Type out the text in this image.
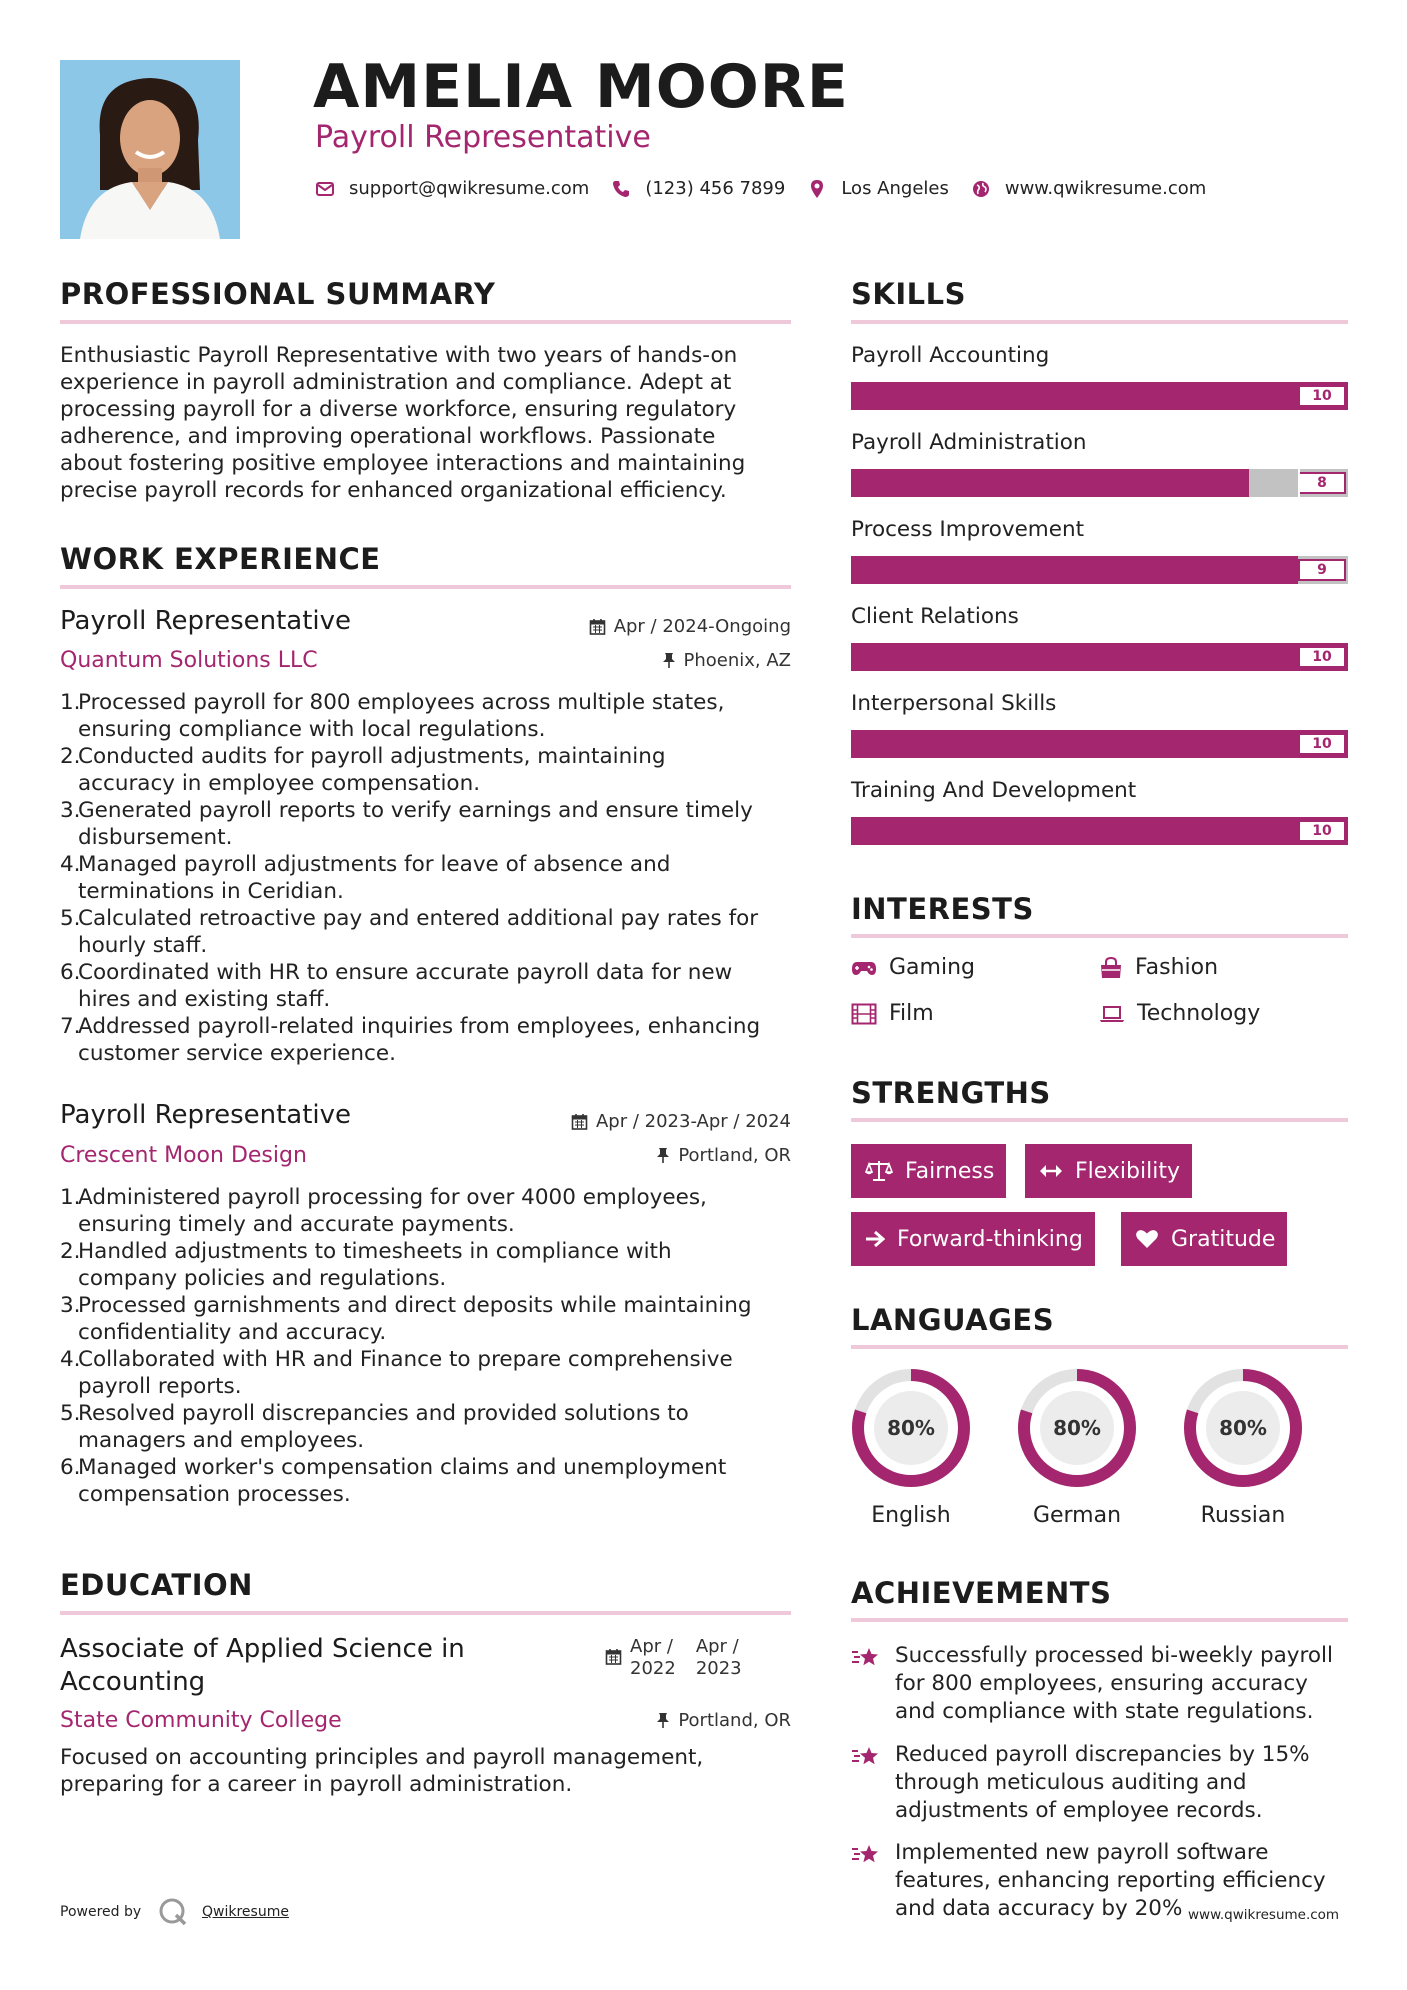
AMELIA MOORE
Payroll Representative
support@qwikresume.com	(123) 456 7899	Los Angeles	www.qwikresume.com
PROFESSIONAL SUMMARY
Enthusiastic Payroll Representative with two years of hands-on
experience in payroll administration and compliance. Adept at
processing payroll for a diverse workforce, ensuring regulatory
adherence, and improving operational workflows. Passionate
about fostering positive employee interactions and maintaining
precise payroll records for enhanced organizational efficiency.
WORK EXPERIENCE
Payroll Representative	Apr / 2024-Ongoing
Quantum Solutions LLC	Phoenix, AZ
1.
Processed payroll for 800 employees across multiple states,
ensuring compliance with local regulations.
2.
Conducted audits for payroll adjustments, maintaining
accuracy in employee compensation.
3.
Generated payroll reports to verify earnings and ensure timely
disbursement.
4.
Managed payroll adjustments for leave of absence and
terminations in Ceridian.
5.
Calculated retroactive pay and entered additional pay rates for
hourly staff.
6.
Coordinated with HR to ensure accurate payroll data for new
hires and existing staff.
7.
Addressed payroll-related inquiries from employees, enhancing
customer service experience.
Payroll Representative	Apr / 2023-Apr / 2024
Crescent Moon Design	Portland, OR
1.
Administered payroll processing for over 4000 employees,
ensuring timely and accurate payments.
2.
Handled adjustments to timesheets in compliance with
company policies and regulations.
3.
Processed garnishments and direct deposits while maintaining
confidentiality and accuracy.
4.
Collaborated with HR and Finance to prepare comprehensive
payroll reports.
5.
Resolved payroll discrepancies and provided solutions to
managers and employees.
6.
Managed worker's compensation claims and unemployment
compensation processes.
EDUCATION
Associate of Applied Science in
Accounting
Apr /
2022
Apr /
2023
State Community College	Portland, OR
Focused on accounting principles and payroll management,
preparing for a career in payroll administration.
SKILLS
Payroll Accounting
10
Payroll Administration
8
Process Improvement
9
Client Relations
10
Interpersonal Skills
10
Training And Development
10
INTERESTS
Gaming	Fashion
Film	Technology
STRENGTHS
Fairness	Flexibility
Forward-thinking	Gratitude
LANGUAGES
80%
English
80%
German
80%
Russian
ACHIEVEMENTS
Successfully processed bi-weekly payroll
for 800 employees, ensuring accuracy
and compliance with state regulations.
Reduced payroll discrepancies by 15%
through meticulous auditing and
adjustments of employee records.
Implemented new payroll software
features, enhancing reporting efficiency
and data accuracy by 20%
Powered by	Qwikresume	www.qwikresume.com
